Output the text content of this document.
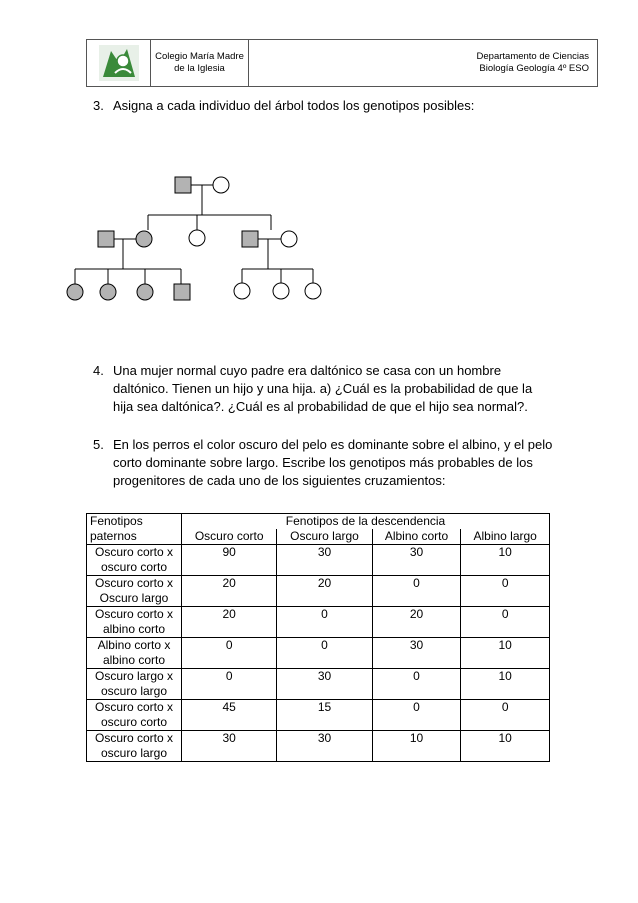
Colegio María Madre
de la Iglesia
Departamento de Ciencias
Biología Geología 4º ESO
3. Asigna a cada individuo del árbol todos los genotipos posibles:
4. Una mujer normal cuyo padre era daltónico se casa con un hombre
daltónico. Tienen un hijo y una hija. a) ¿Cuál es la probabilidad de que la
hija sea daltónica?. ¿Cuál es al probabilidad de que el hijo sea normal?.
5. En los perros el color oscuro del pelo es dominante sobre el albino, y el pelo
corto dominante sobre largo. Escribe los genotipos más probables de los
progenitores de cada uno de los siguientes cruzamientos:
Fenotipos	Fenotipos de la descendencia			
paternos	Oscuro corto	Oscuro largo	Albino corto	Albino largo

Oscuro corto x
oscuro corto	90	30	30	10

Oscuro corto x
Oscuro largo	20	20	0	0

Oscuro corto x
albino corto	20	0	20	0

Albino corto x
albino corto	0	0	30	10

Oscuro largo x
oscuro largo	0	30	0	10

Oscuro corto x
oscuro corto	45	15	0	0

Oscuro corto x
oscuro largo	30	30	10	10
